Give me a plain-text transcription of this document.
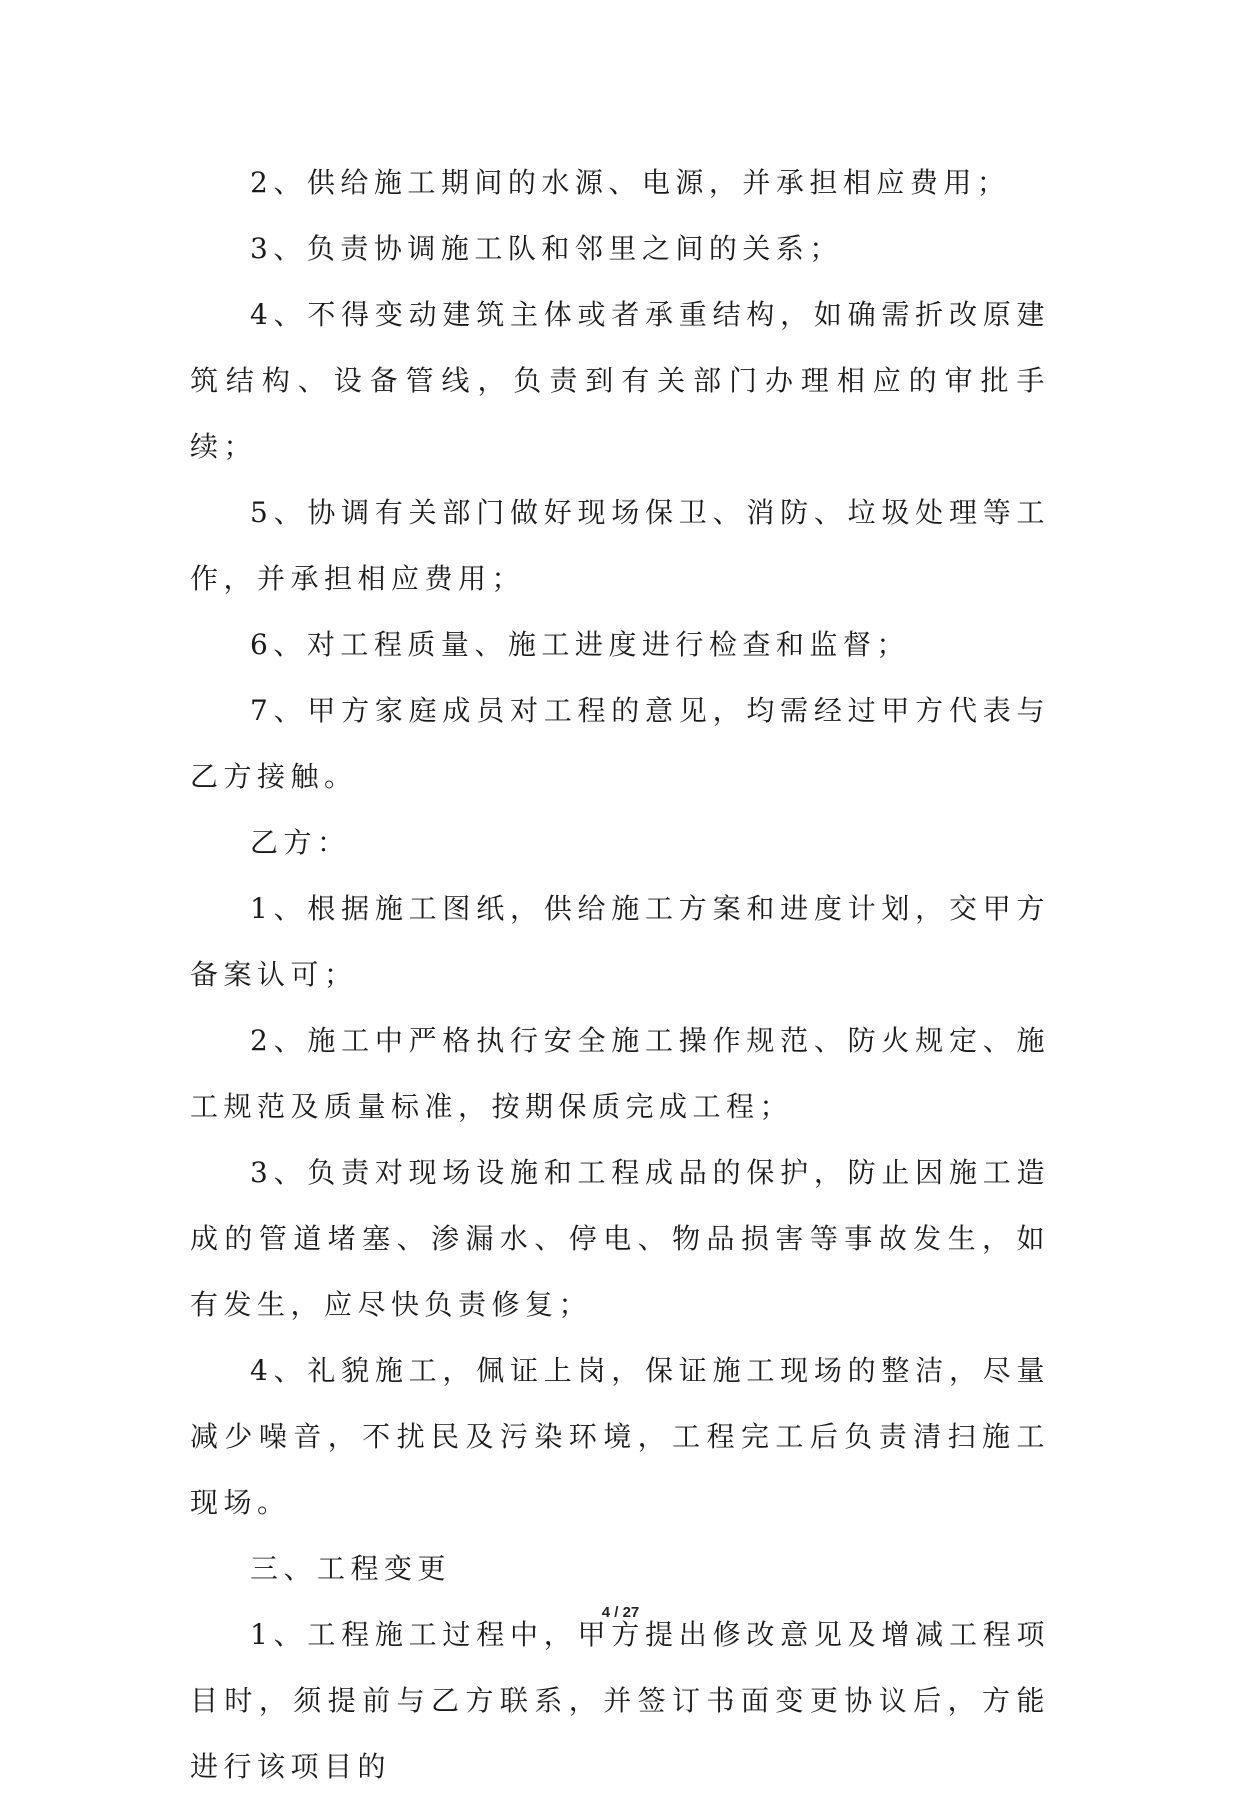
2、供给施工期间的水源、电源，并承担相应费用；

3、负责协调施工队和邻里之间的关系；

4、不得变动建筑主体或者承重结构，如确需折改原建筑结构、设备管线，负责到有关部门办理相应的审批手续；

5、协调有关部门做好现场保卫、消防、垃圾处理等工作，并承担相应费用；

6、对工程质量、施工进度进行检查和监督；

7、甲方家庭成员对工程的意见，均需经过甲方代表与乙方接触。

乙方：

1、根据施工图纸，供给施工方案和进度计划，交甲方备案认可；

2、施工中严格执行安全施工操作规范、防火规定、施工规范及质量标准，按期保质完成工程；

3、负责对现场设施和工程成品的保护，防止因施工造成的管道堵塞、渗漏水、停电、物品损害等事故发生，如有发生，应尽快负责修复；

4、礼貌施工，佩证上岗，保证施工现场的整洁，尽量减少噪音，不扰民及污染环境，工程完工后负责清扫施工现场。

三、工程变更

1、工程施工过程中，甲方提出修改意见及增减工程项目时，须提前与乙方联系，并签订书面变更协议后，方能进行该项目的

4 / 27
